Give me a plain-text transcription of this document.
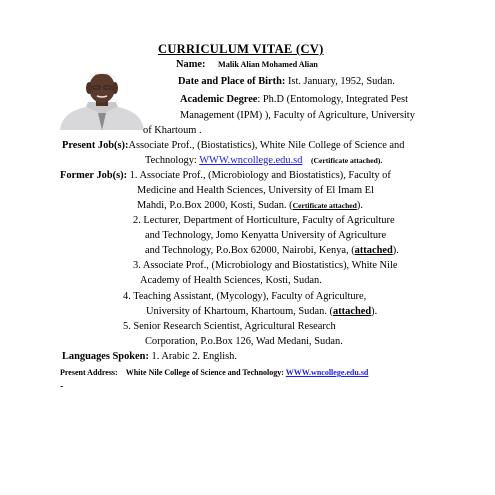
CURRICULUM VITAE (CV)
Name: Malik Alian Mohamed Alian
Date and Place of Birth: Ist. January, 1952, Sudan.
Academic Degree: Ph.D (Entomology, Integrated Pest
Management (IPM) ), Faculty of Agriculture, University
of Khartoum .
Present Job(s):Associate Prof., (Biostatistics), White Nile College of Science and
Technology: WWW.wncollege.edu.sd (Certificate attached).
Former Job(s): 1. Associate Prof., (Microbiology and Biostatistics), Faculty of
Medicine and Health Sciences, University of El Imam El
Mahdi, P.o.Box 2000, Kosti, Sudan. (Certificate attached).
2. Lecturer, Department of Horticulture, Faculty of Agriculture
and Technology, Jomo Kenyatta University of Agriculture
and Technology, P.o.Box 62000, Nairobi, Kenya, (attached).
3. Associate Prof., (Microbiology and Biostatistics), White Nile
Academy of Health Sciences, Kosti, Sudan.
4. Teaching Assistant, (Mycology), Faculty of Agriculture,
University of Khartoum, Khartoum, Sudan. (attached).
5. Senior Research Scientist, Agricultural Research
Corporation, P.o.Box 126, Wad Medani, Sudan.
Languages Spoken: 1. Arabic 2. English.
Present Address: White Nile College of Science and Technology: WWW.wncollege.edu.sd
-
